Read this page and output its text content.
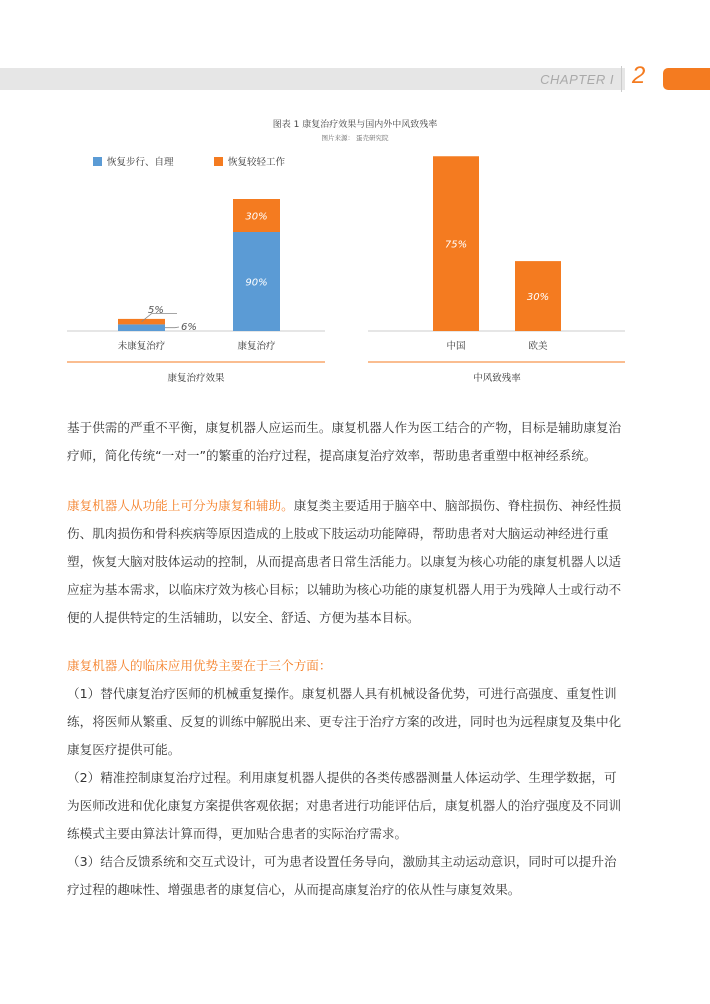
CHAPTER I 2
图表 1 康复治疗效果与国内外中风致残率
图片来源： 蛋壳研究院
未康复治疗
90%
30%
康复治疗
6%
5%
恢复步行、自理	恢复较轻工作
康复治疗效果
75%
中国
30%
欧美
中风致残率

基于供需的严重不平衡，康复机器人应运而生。康复机器人作为医工结合的产物，目标是辅助康复治

疗师，简化传统“一对一”的繁重的治疗过程，提高康复治疗效率，帮助患者重塑中枢神经系统。

康复机器人从功能上可分为康复和辅助。康复类主要适用于脑卒中、脑部损伤、脊柱损伤、神经性损

伤、肌肉损伤和骨科疾病等原因造成的上肢或下肢运动功能障碍，帮助患者对大脑运动神经进行重

塑，恢复大脑对肢体运动的控制，从而提高患者日常生活能力。以康复为核心功能的康复机器人以适

应症为基本需求，以临床疗效为核心目标；以辅助为核心功能的康复机器人用于为残障人士或行动不

便的人提供特定的生活辅助，以安全、舒适、方便为基本目标。

康复机器人的临床应用优势主要在于三个方面：

（1）替代康复治疗医师的机械重复操作。康复机器人具有机械设备优势，可进行高强度、重复性训

练，将医师从繁重、反复的训练中解脱出来、更专注于治疗方案的改进，同时也为远程康复及集中化

康复医疗提供可能。

（2）精准控制康复治疗过程。利用康复机器人提供的各类传感器测量人体运动学、生理学数据，可

为医师改进和优化康复方案提供客观依据；对患者进行功能评估后，康复机器人的治疗强度及不同训

练模式主要由算法计算而得，更加贴合患者的实际治疗需求。

（3）结合反馈系统和交互式设计，可为患者设置任务导向，激励其主动运动意识，同时可以提升治

疗过程的趣味性、增强患者的康复信心，从而提高康复治疗的依从性与康复效果。
